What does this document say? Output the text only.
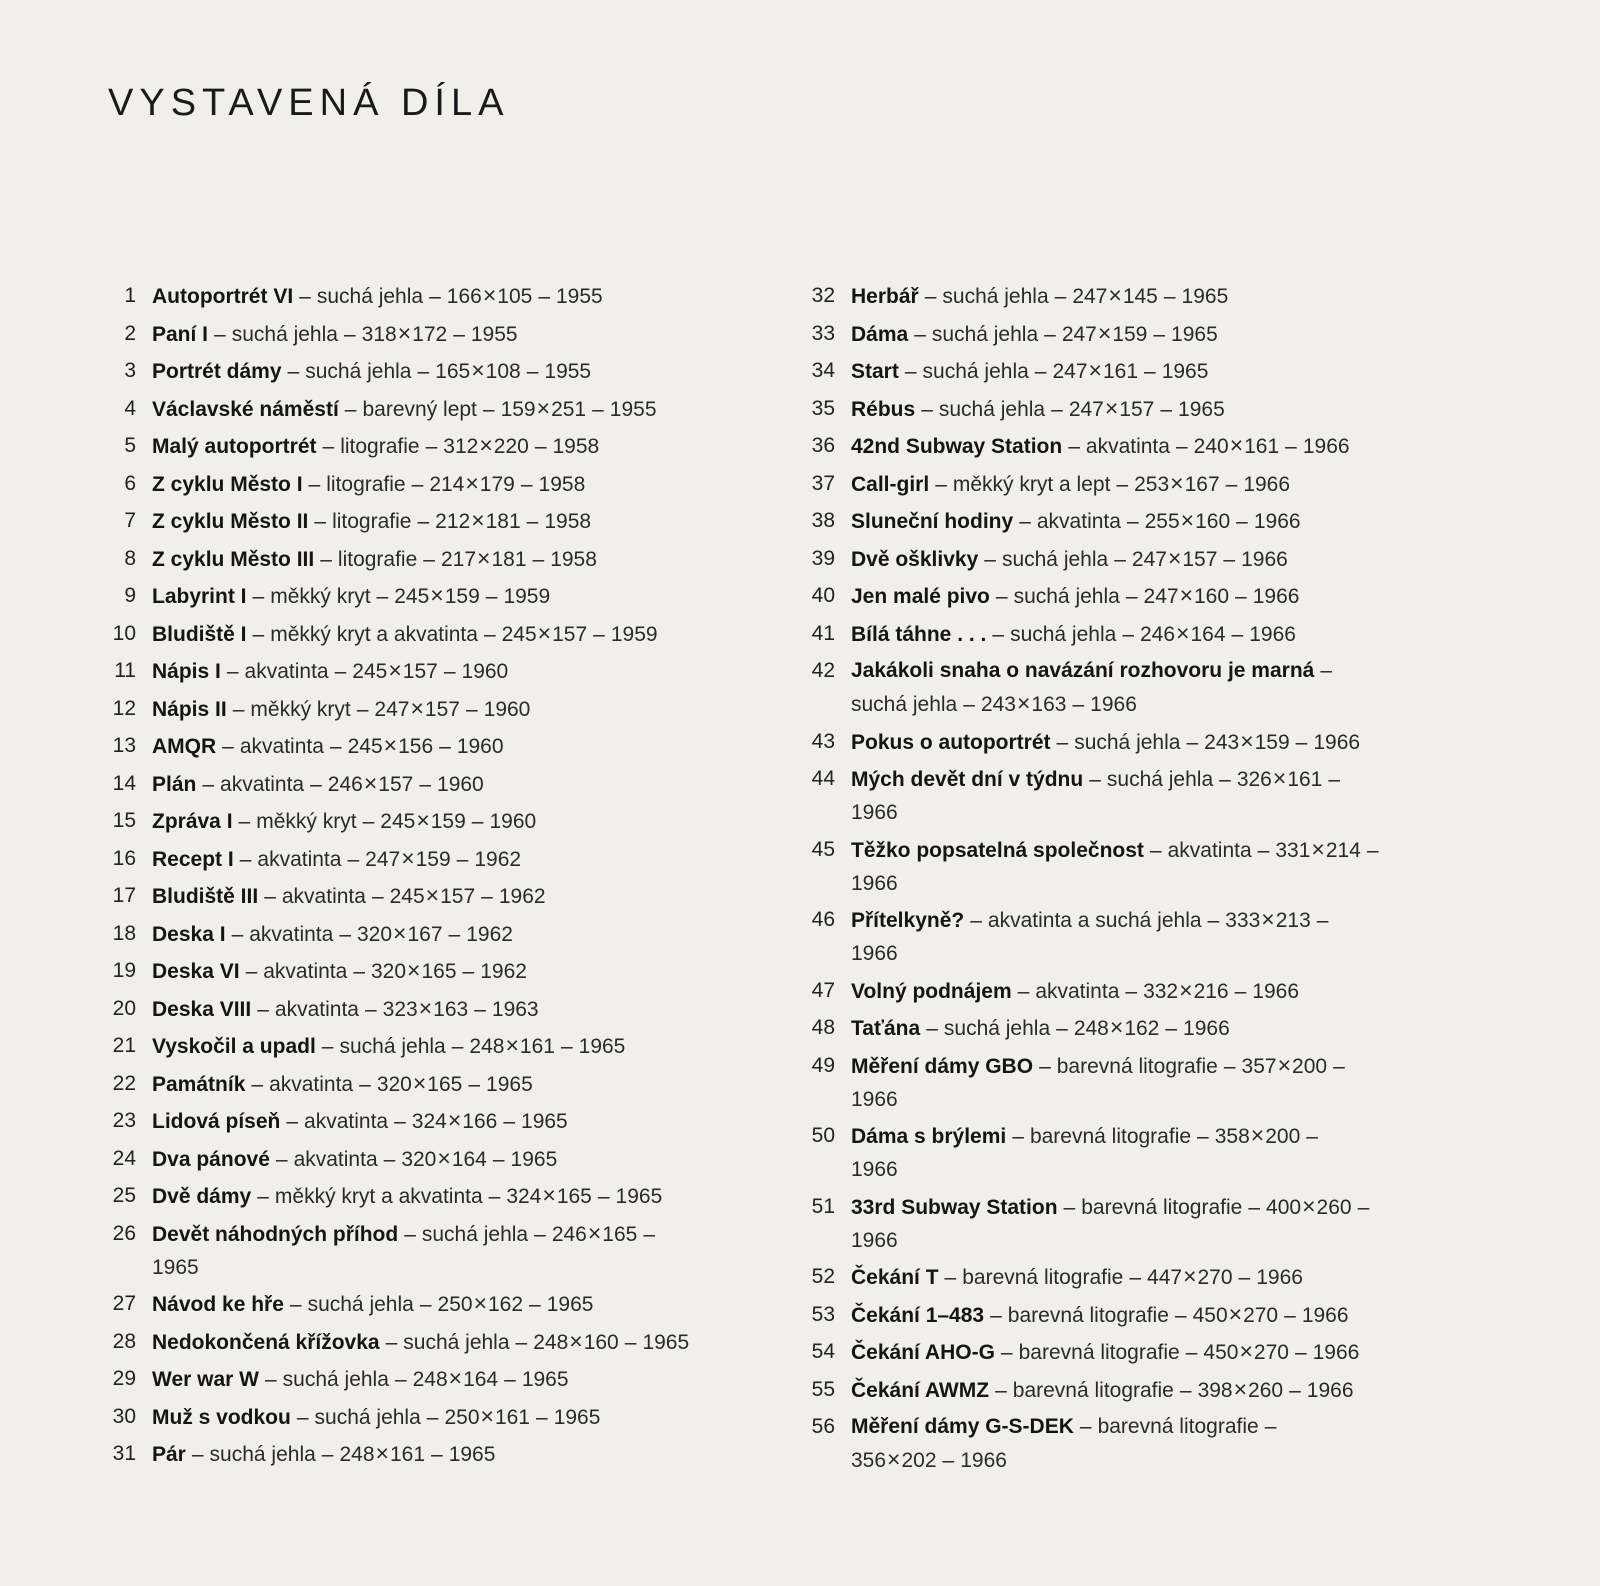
VYSTAVENÁ DÍLA
1 Autoportrét VI – suchá jehla – 166×105 – 1955
2 Paní I – suchá jehla – 318×172 – 1955
3 Portrét dámy – suchá jehla – 165×108 – 1955
4 Václavské náměstí – barevný lept – 159×251 – 1955
5 Malý autoportrét – litografie – 312×220 – 1958
6 Z cyklu Město I – litografie – 214×179 – 1958
7 Z cyklu Město II – litografie – 212×181 – 1958
8 Z cyklu Město III – litografie – 217×181 – 1958
9 Labyrint I – měkký kryt – 245×159 – 1959
10 Bludiště I – měkký kryt a akvatinta – 245×157 – 1959
11 Nápis I – akvatinta – 245×157 – 1960
12 Nápis II – měkký kryt – 247×157 – 1960
13 AMQR – akvatinta – 245×156 – 1960
14 Plán – akvatinta – 246×157 – 1960
15 Zpráva I – měkký kryt – 245×159 – 1960
16 Recept I – akvatinta – 247×159 – 1962
17 Bludiště III – akvatinta – 245×157 – 1962
18 Deska I – akvatinta – 320×167 – 1962
19 Deska VI – akvatinta – 320×165 – 1962
20 Deska VIII – akvatinta – 323×163 – 1963
21 Vyskočil a upadl – suchá jehla – 248×161 – 1965
22 Památník – akvatinta – 320×165 – 1965
23 Lidová píseň – akvatinta – 324×166 – 1965
24 Dva pánové – akvatinta – 320×164 – 1965
25 Dvě dámy – měkký kryt a akvatinta – 324×165 – 1965
26 Devět náhodných příhod – suchá jehla – 246×165 –
1965
27 Návod ke hře – suchá jehla – 250×162 – 1965
28 Nedokončená křížovka – suchá jehla – 248×160 – 1965
29 Wer war W – suchá jehla – 248×164 – 1965
30 Muž s vodkou – suchá jehla – 250×161 – 1965
31 Pár – suchá jehla – 248×161 – 1965
32 Herbář – suchá jehla – 247×145 – 1965
33 Dáma – suchá jehla – 247×159 – 1965
34 Start – suchá jehla – 247×161 – 1965
35 Rébus – suchá jehla – 247×157 – 1965
36 42nd Subway Station – akvatinta – 240×161 – 1966
37 Call-girl – měkký kryt a lept – 253×167 – 1966
38 Sluneční hodiny – akvatinta – 255×160 – 1966
39 Dvě ošklivky – suchá jehla – 247×157 – 1966
40 Jen malé pivo – suchá jehla – 247×160 – 1966
41 Bílá táhne . . . – suchá jehla – 246×164 – 1966
42 Jakákoli snaha o navázání rozhovoru je marná –
suchá jehla – 243×163 – 1966
43 Pokus o autoportrét – suchá jehla – 243×159 – 1966
44 Mých devět dní v týdnu – suchá jehla – 326×161 –
1966
45 Těžko popsatelná společnost – akvatinta – 331×214 –
1966
46 Přítelkyně? – akvatinta a suchá jehla – 333×213 –
1966
47 Volný podnájem – akvatinta – 332×216 – 1966
48 Taťána – suchá jehla – 248×162 – 1966
49 Měření dámy GBO – barevná litografie – 357×200 –
1966
50 Dáma s brýlemi – barevná litografie – 358×200 –
1966
51 33rd Subway Station – barevná litografie – 400×260 –
1966
52 Čekání T – barevná litografie – 447×270 – 1966
53 Čekání 1–483 – barevná litografie – 450×270 – 1966
54 Čekání AHO-G – barevná litografie – 450×270 – 1966
55 Čekání AWMZ – barevná litografie – 398×260 – 1966
56 Měření dámy G-S-DEK – barevná litografie –
356×202 – 1966
